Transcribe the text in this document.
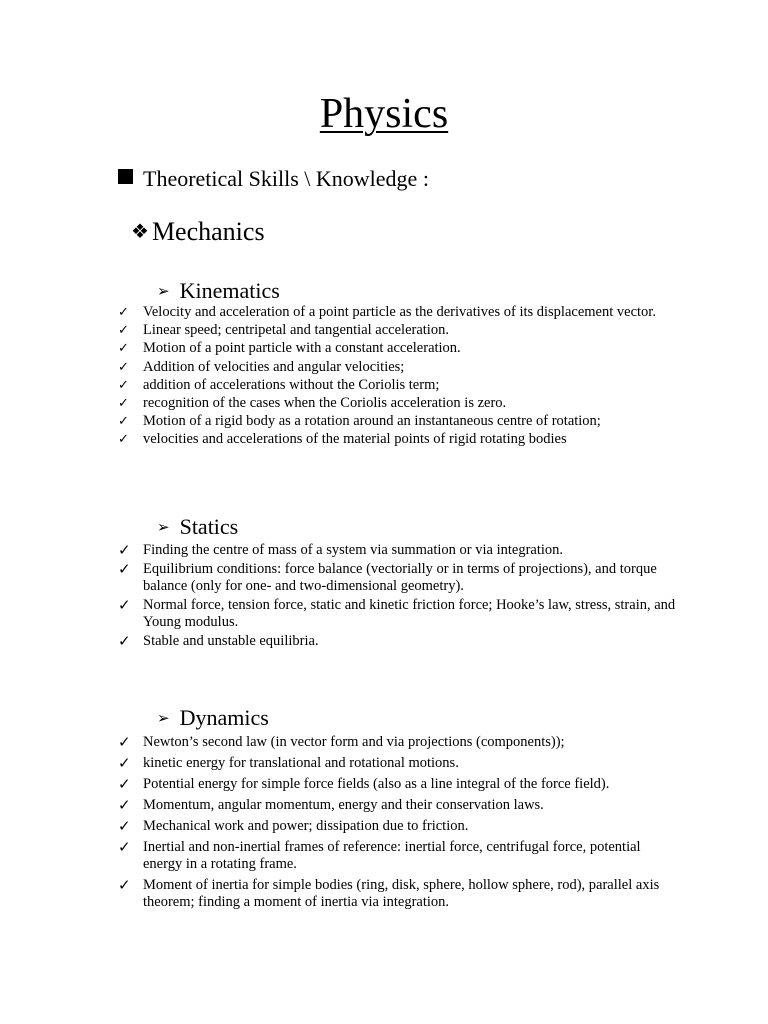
Physics
Theoretical Skills \ Knowledge :
❖ Mechanics
➢ Kinematics
✓ Velocity and acceleration of a point particle as the derivatives of its displacement vector.
✓ Linear speed; centripetal and tangential acceleration.
✓ Motion of a point particle with a constant acceleration.
✓ Addition of velocities and angular velocities;
✓ addition of accelerations without the Coriolis term;
✓ recognition of the cases when the Coriolis acceleration is zero.
✓ Motion of a rigid body as a rotation around an instantaneous centre of rotation;
✓ velocities and accelerations of the material points of rigid rotating bodies
➢ Statics
✓ Finding the centre of mass of a system via summation or via integration.
✓ Equilibrium conditions: force balance (vectorially or in terms of projections), and torque balance (only for one- and two-dimensional geometry).
✓ Normal force, tension force, static and kinetic friction force; Hooke’s law, stress, strain, and Young modulus.
✓ Stable and unstable equilibria.
➢ Dynamics
✓ Newton’s second law (in vector form and via projections (components));
✓ kinetic energy for translational and rotational motions.
✓ Potential energy for simple force fields (also as a line integral of the force field).
✓ Momentum, angular momentum, energy and their conservation laws.
✓ Mechanical work and power; dissipation due to friction.
✓ Inertial and non-inertial frames of reference: inertial force, centrifugal force, potential energy in a rotating frame.
✓ Moment of inertia for simple bodies (ring, disk, sphere, hollow sphere, rod), parallel axis theorem; finding a moment of inertia via integration.
